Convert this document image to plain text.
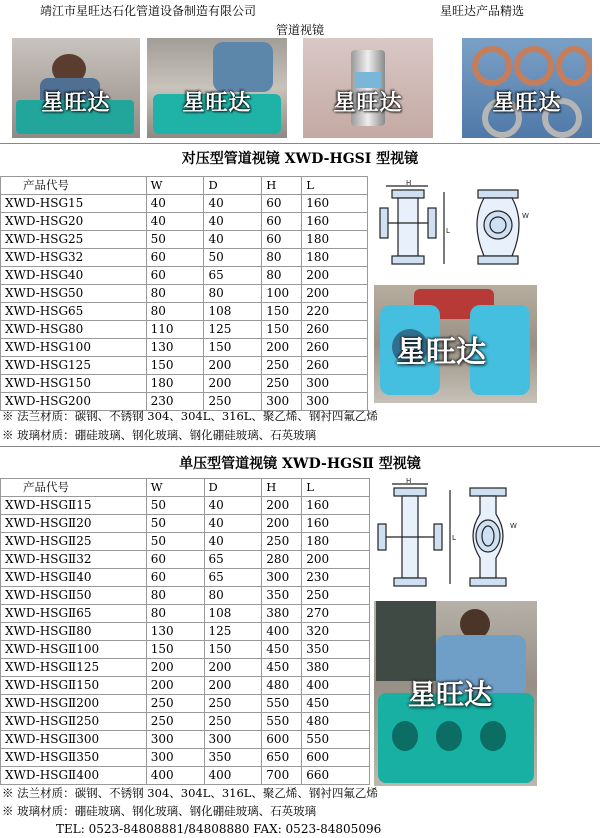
靖江市星旺达石化管道设备制造有限公司	星旺达产品精选
管道视镜
星旺达	星旺达	星旺达	星旺达
对压型管道视镜 XWD-HGSI 型视镜
产品代号	W	D	H	L
XWD-HSG15	40	40	60	160
XWD-HSG20	40	40	60	160
XWD-HSG25	50	40	60	180
XWD-HSG32	60	50	80	180
XWD-HSG40	60	65	80	200
XWD-HSG50	80	80	100	200
XWD-HSG65	80	108	150	220
XWD-HSG80	110	125	150	260
XWD-HSG100	130	150	200	260
XWD-HSG125	150	200	250	260
XWD-HSG150	180	200	250	300
XWD-HSG200	230	250	300	300
H
L
W
星旺达
※ 法兰材质：碳钢、不锈钢 304、304L、316L、聚乙烯、钢衬四氟乙烯
※ 玻璃材质：硼硅玻璃、钢化玻璃、钢化硼硅玻璃、石英玻璃
单压型管道视镜 XWD-HGSⅡ 型视镜
产品代号	W	D	H	L
XWD-HSGⅡ15	50	40	200	160
XWD-HSGⅡ20	50	40	200	160
XWD-HSGⅡ25	50	40	250	180
XWD-HSGⅡ32	60	65	280	200
XWD-HSGⅡ40	60	65	300	230
XWD-HSGⅡ50	80	80	350	250
XWD-HSGⅡ65	80	108	380	270
XWD-HSGⅡ80	130	125	400	320
XWD-HSGⅡ100	150	150	450	350
XWD-HSGⅡ125	200	200	450	380
XWD-HSGⅡ150	200	200	480	400
XWD-HSGⅡ200	250	250	550	450
XWD-HSGⅡ250	250	250	550	480
XWD-HSGⅡ300	300	300	600	550
XWD-HSGⅡ350	300	350	650	600
XWD-HSGⅡ400	400	400	700	660
H
L
W
星旺达
※ 法兰材质：碳钢、不锈钢 304、304L、316L、聚乙烯、钢衬四氟乙烯
※ 玻璃材质：硼硅玻璃、钢化玻璃、钢化硼硅玻璃、石英玻璃
TEL: 0523-84808881/84808880 FAX: 0523-84805096
